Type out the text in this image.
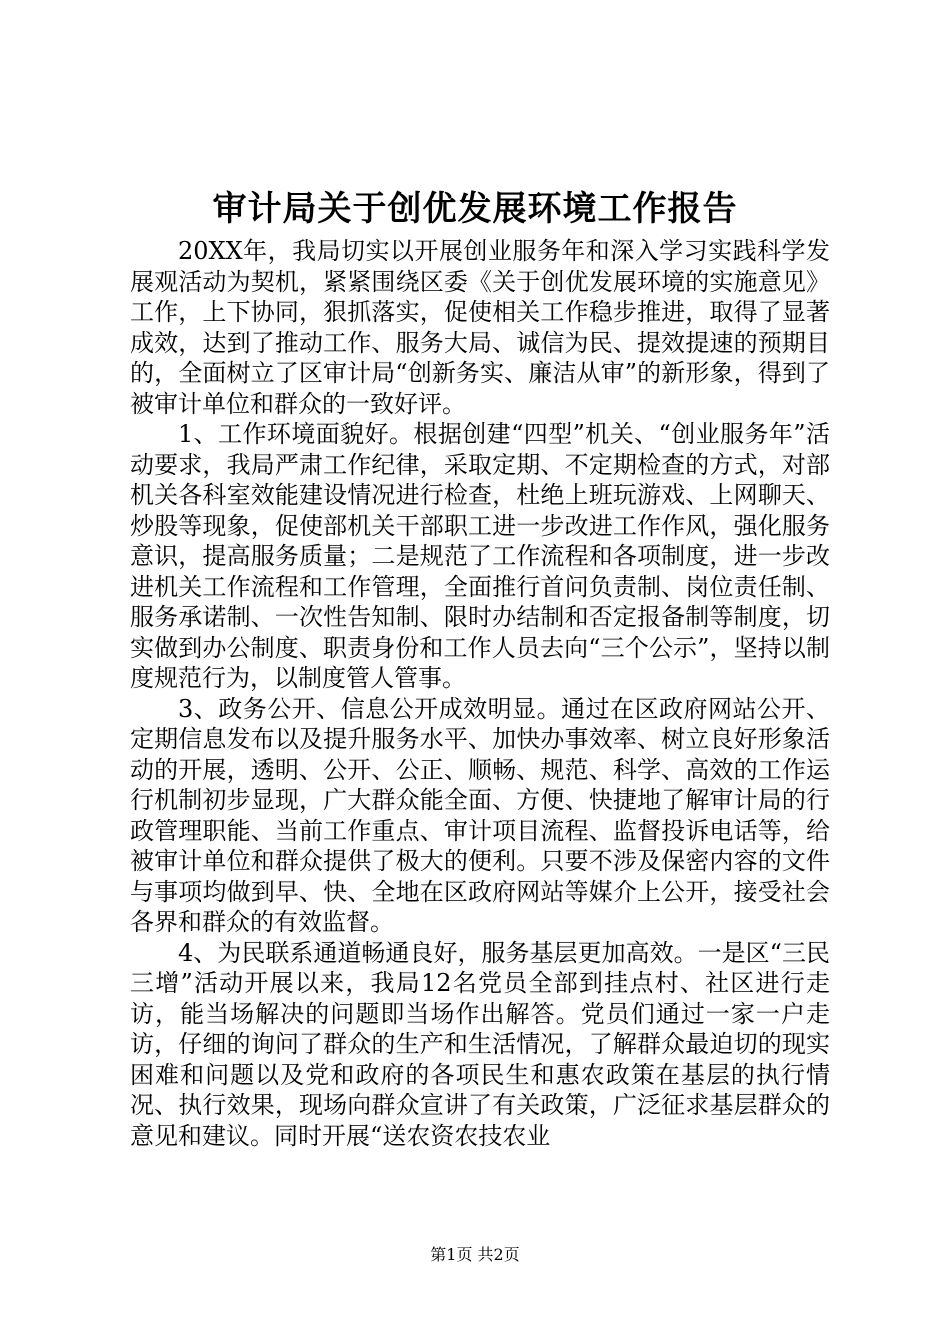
审计局关于创优发展环境工作报告

20XX年，我局切实以开展创业服务年和深入学习实践科学发展观活动为契机，紧紧围绕区委《关于创优发展环境的实施意见》工作，上下协同，狠抓落实，促使相关工作稳步推进，取得了显著成效，达到了推动工作、服务大局、诚信为民、提效提速的预期目的，全面树立了区审计局“创新务实、廉洁从审”的新形象，得到了被审计单位和群众的一致好评。

1、工作环境面貌好。根据创建“四型”机关、“创业服务年”活动要求，我局严肃工作纪律，采取定期、不定期检查的方式，对部机关各科室效能建设情况进行检查，杜绝上班玩游戏、上网聊天、炒股等现象，促使部机关干部职工进一步改进工作作风，强化服务意识，提高服务质量；二是规范了工作流程和各项制度，进一步改进机关工作流程和工作管理，全面推行首问负责制、岗位责任制、服务承诺制、一次性告知制、限时办结制和否定报备制等制度，切实做到办公制度、职责身份和工作人员去向“三个公示”，坚持以制度规范行为，以制度管人管事。

3、政务公开、信息公开成效明显。通过在区政府网站公开、定期信息发布以及提升服务水平、加快办事效率、树立良好形象活动的开展，透明、公开、公正、顺畅、规范、科学、高效的工作运行机制初步显现，广大群众能全面、方便、快捷地了解审计局的行政管理职能、当前工作重点、审计项目流程、监督投诉电话等，给被审计单位和群众提供了极大的便利。只要不涉及保密内容的文件与事项均做到早、快、全地在区政府网站等媒介上公开，接受社会各界和群众的有效监督。

4、为民联系通道畅通良好，服务基层更加高效。一是区“三民三增”活动开展以来，我局12名党员全部到挂点村、社区进行走访，能当场解决的问题即当场作出解答。党员们通过一家一户走访，仔细的询问了群众的生产和生活情况，了解群众最迫切的现实困难和问题以及党和政府的各项民生和惠农政策在基层的执行情况、执行效果，现场向群众宣讲了有关政策，广泛征求基层群众的意见和建议。同时开展“送农资农技农业

第1页 共2页
